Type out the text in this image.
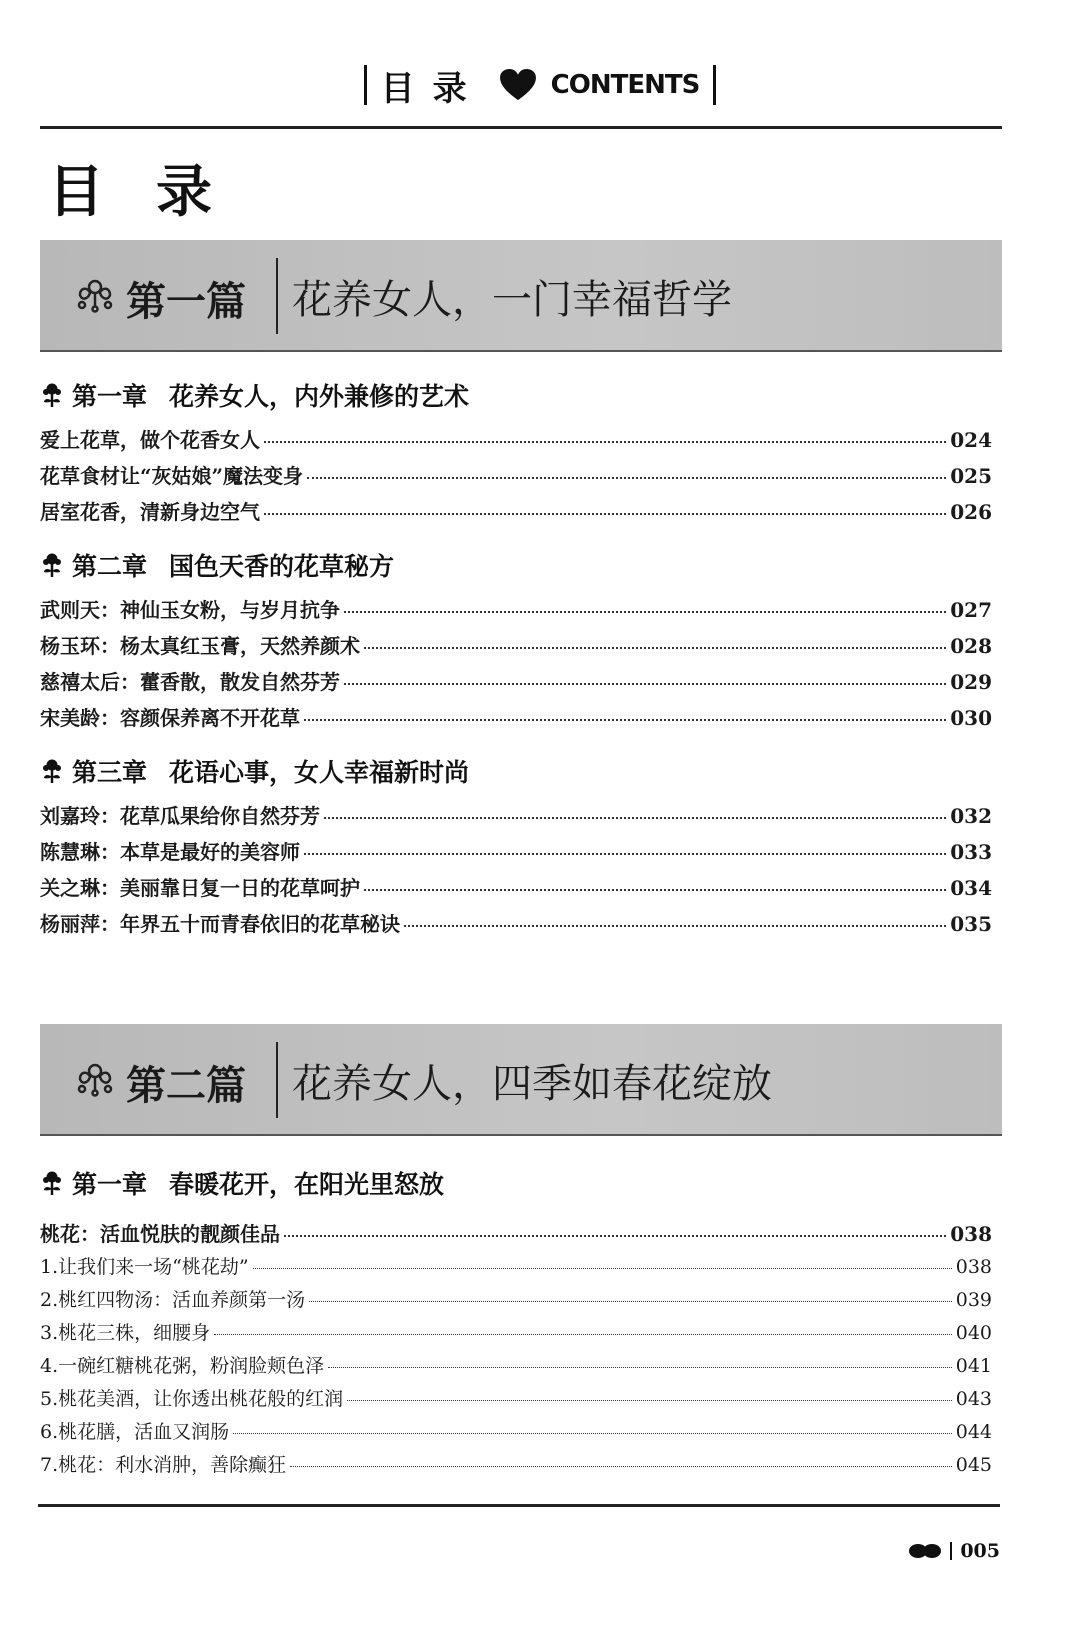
目录	CONTENTS
目录
第一篇 花养女人，一门幸福哲学
第一章 花养女人，内外兼修的艺术
爱上花草，做个花香女人	024
花草食材让“灰姑娘”魔法变身	025
居室花香，清新身边空气	026
第二章 国色天香的花草秘方
武则天：神仙玉女粉，与岁月抗争	027
杨玉环：杨太真红玉膏，天然养颜术	028
慈禧太后：藿香散，散发自然芬芳	029
宋美龄：容颜保养离不开花草	030
第三章 花语心事，女人幸福新时尚
刘嘉玲：花草瓜果给你自然芬芳	032
陈慧琳：本草是最好的美容师	033
关之琳：美丽靠日复一日的花草呵护	034
杨丽萍：年界五十而青春依旧的花草秘诀	035
第二篇 花养女人，四季如春花绽放
第一章 春暖花开，在阳光里怒放
桃花：活血悦肤的靓颜佳品	038
1.让我们来一场“桃花劫”	038
2.桃红四物汤：活血养颜第一汤	039
3.桃花三株，细腰身	040
4.一碗红糖桃花粥，粉润脸颊色泽	041
5.桃花美酒，让你透出桃花般的红润	043
6.桃花膳，活血又润肠	044
7.桃花：利水消肿，善除癫狂	045
005
